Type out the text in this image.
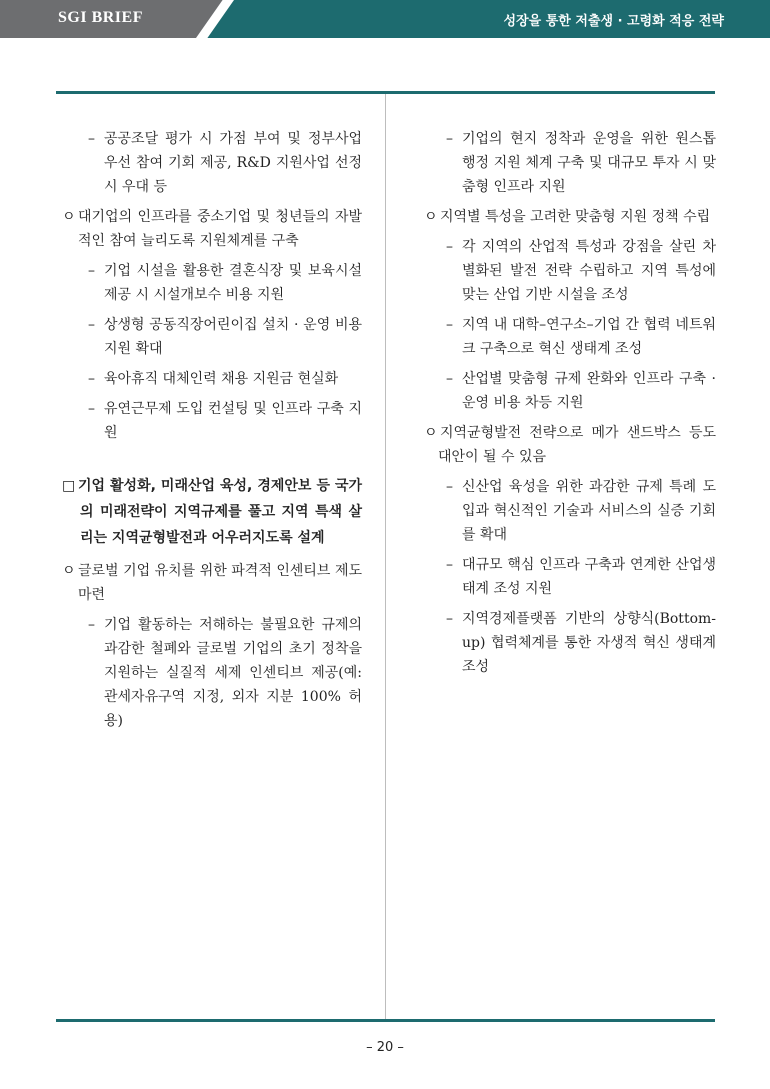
SGI BRIEF	성장을 통한 저출생 · 고령화 적응 전략
– 공공조달 평가 시 가점 부여 및 정부사업 우선 참여 기회 제공, R&D 지원사업 선정 시 우대 등
ㅇ 대기업의 인프라를 중소기업 및 청년들의 자발적인 참여 늘리도록 지원체계를 구축
– 기업 시설을 활용한 결혼식장 및 보육시설 제공 시 시설개보수 비용 지원
– 상생형 공동직장어린이집 설치 · 운영 비용 지원 확대
– 육아휴직 대체인력 채용 지원금 현실화
– 유연근무제 도입 컨설팅 및 인프라 구축 지원
□ 기업 활성화, 미래산업 육성, 경제안보 등 국가의 미래전략이 지역규제를 풀고 지역 특색 살리는 지역균형발전과 어우러지도록 설계
ㅇ 글로벌 기업 유치를 위한 파격적 인센티브 제도 마련
– 기업 활동하는 저해하는 불필요한 규제의 과감한 철폐와 글로벌 기업의 초기 정착을 지원하는 실질적 세제 인센티브 제공(예: 관세자유구역 지정, 외자 지분 100% 허용)
– 기업의 현지 정착과 운영을 위한 원스톱 행정 지원 체계 구축 및 대규모 투자 시 맞춤형 인프라 지원
ㅇ 지역별 특성을 고려한 맞춤형 지원 정책 수립
– 각 지역의 산업적 특성과 강점을 살린 차별화된 발전 전략 수립하고 지역 특성에 맞는 산업 기반 시설을 조성
– 지역 내 대학–연구소–기업 간 협력 네트워크 구축으로 혁신 생태계 조성
– 산업별 맞춤형 규제 완화와 인프라 구축 · 운영 비용 차등 지원
ㅇ 지역균형발전 전략으로 메가 샌드박스 등도 대안이 될 수 있음
– 신산업 육성을 위한 과감한 규제 특례 도입과 혁신적인 기술과 서비스의 실증 기회를 확대
– 대규모 핵심 인프라 구축과 연계한 산업생태계 조성 지원
– 지역경제플랫폼 기반의 상향식(Bottom-up) 협력체계를 통한 자생적 혁신 생태계 조성
– 20 –
